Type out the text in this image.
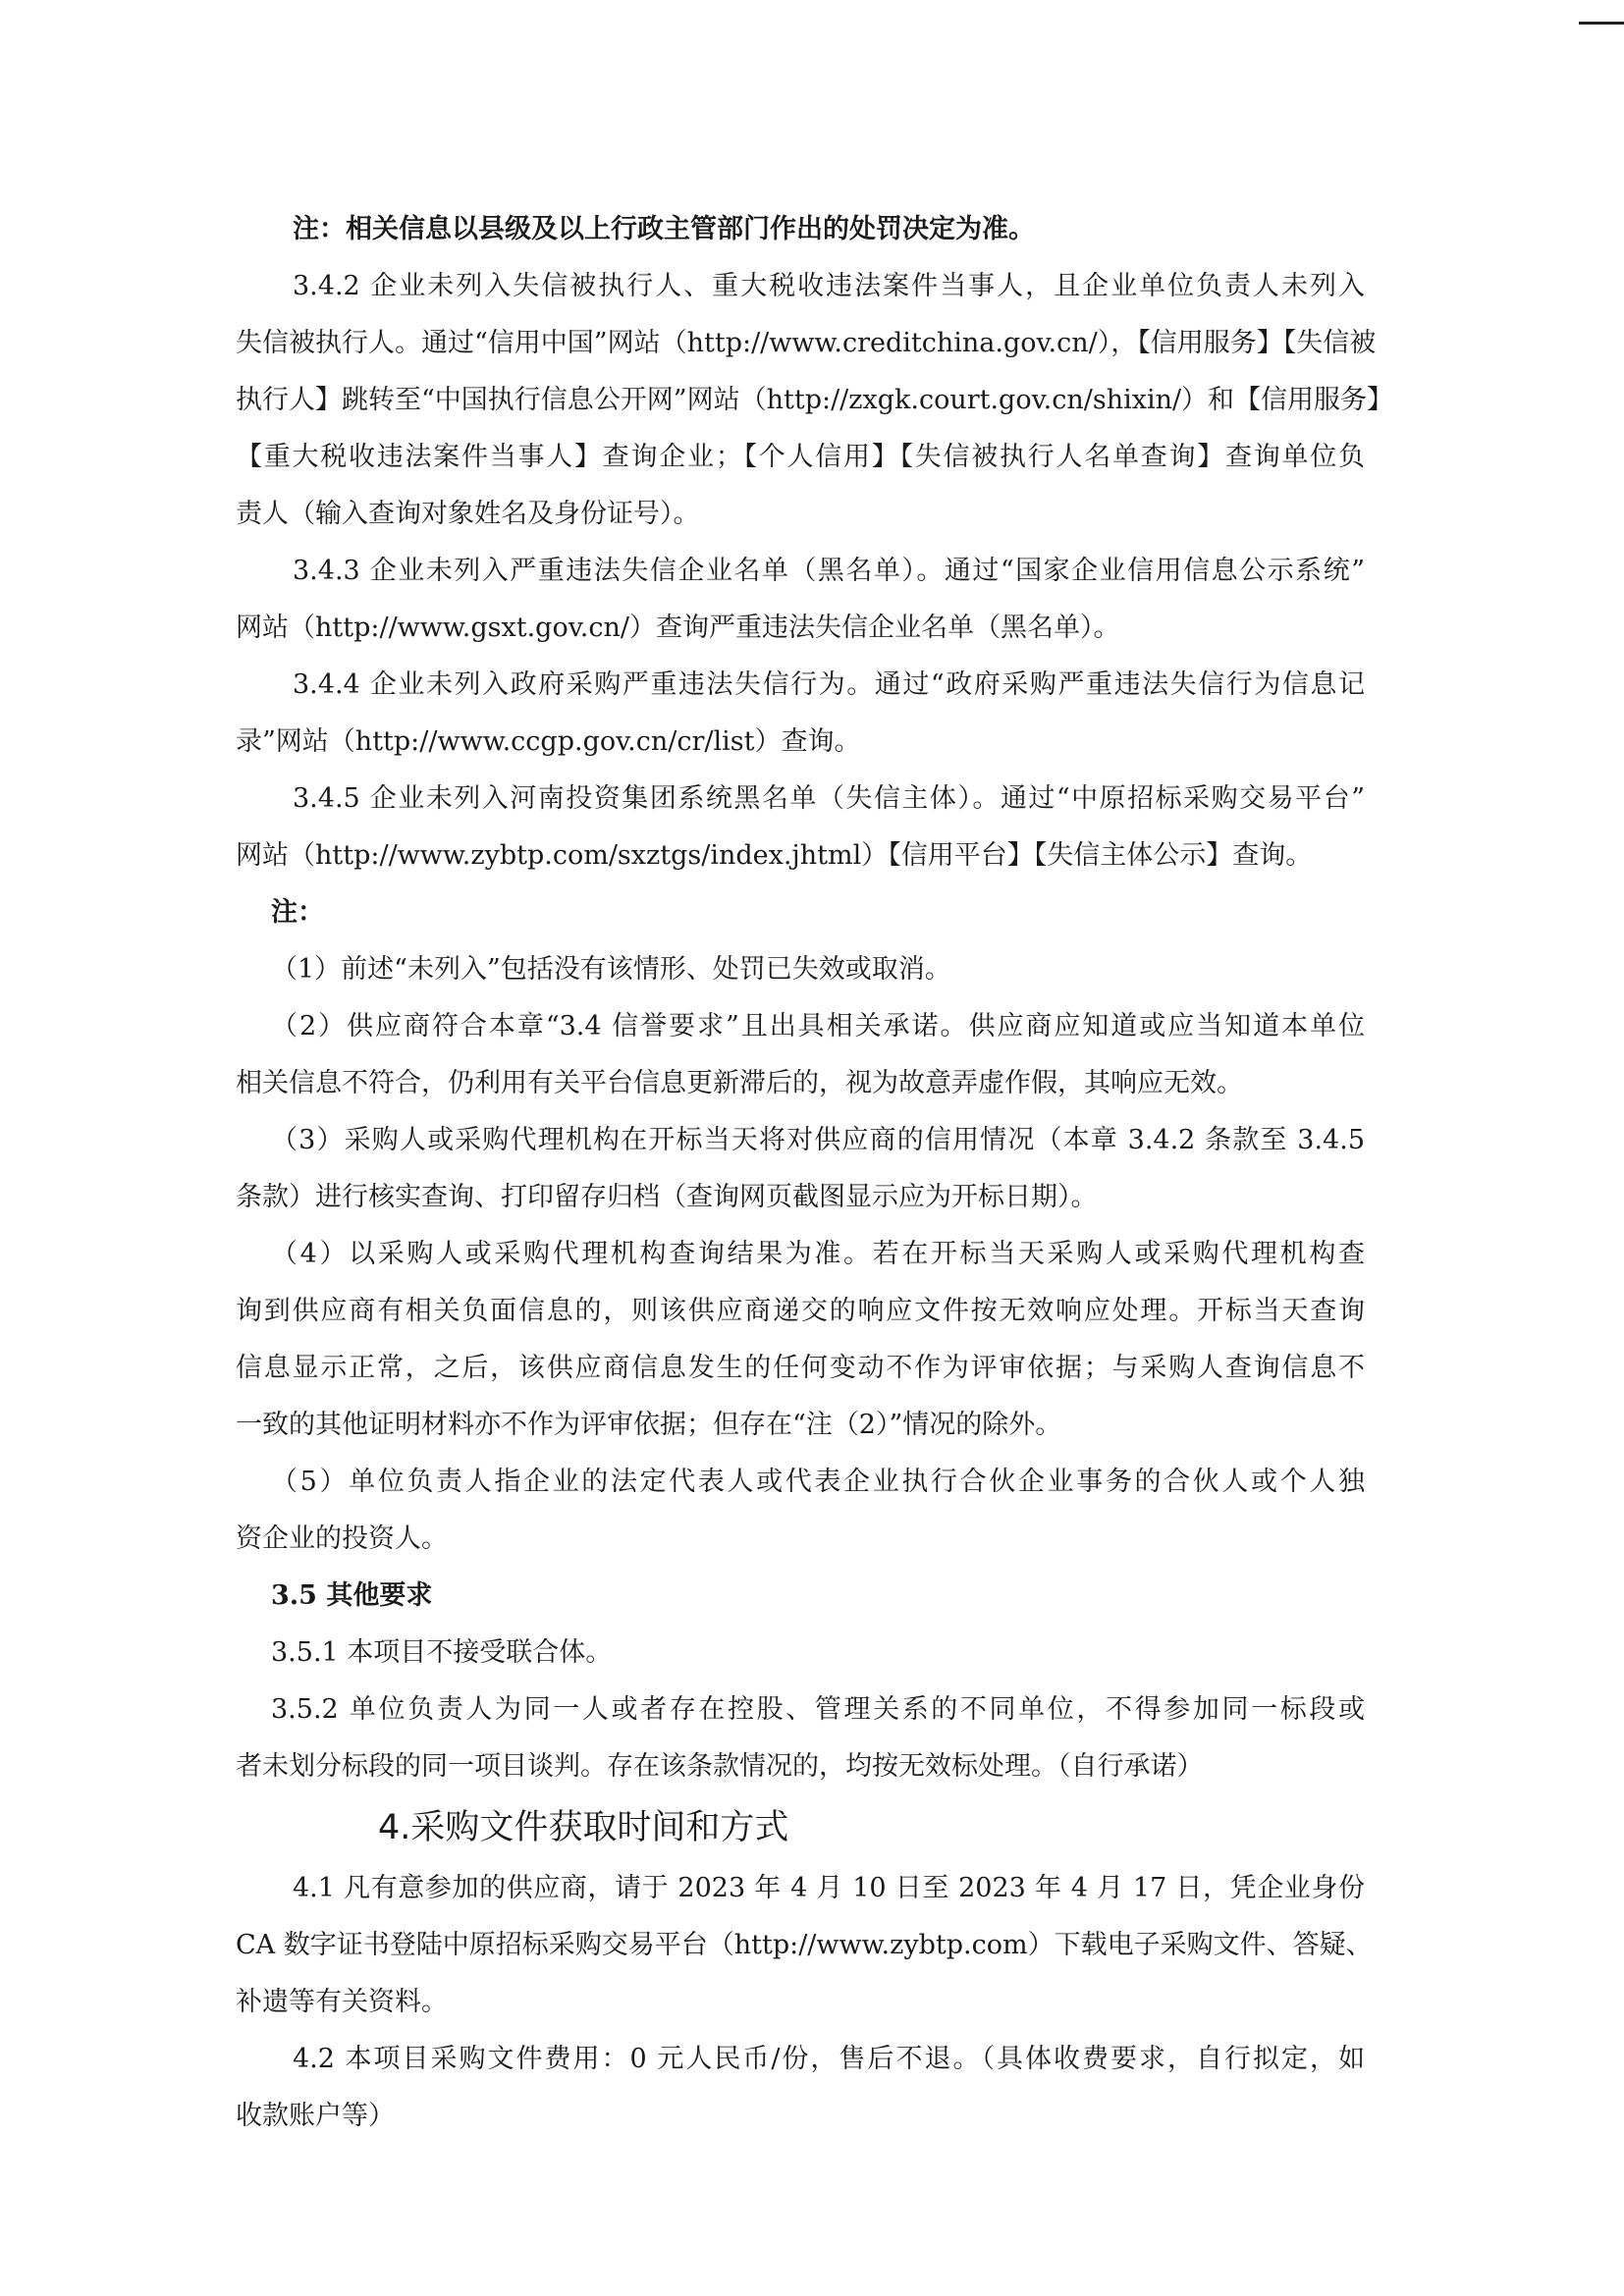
注：相关信息以县级及以上行政主管部门作出的处罚决定为准。
3.4.2 企业未列入失信被执行人、重大税收违法案件当事人，且企业单位负责人未列入
失信被执行人。通过“信用中国”网站（http://www.creditchina.gov.cn/），【信用服务】【失信被
执行人】跳转至“中国执行信息公开网”网站（http://zxgk.court.gov.cn/shixin/）和【信用服务】
【重大税收违法案件当事人】查询企业；【个人信用】【失信被执行人名单查询】查询单位负
责人（输入查询对象姓名及身份证号）。
3.4.3 企业未列入严重违法失信企业名单（黑名单）。通过“国家企业信用信息公示系统”
网站（http://www.gsxt.gov.cn/）查询严重违法失信企业名单（黑名单）。
3.4.4 企业未列入政府采购严重违法失信行为。通过“政府采购严重违法失信行为信息记
录”网站（http://www.ccgp.gov.cn/cr/list）查询。
3.4.5 企业未列入河南投资集团系统黑名单（失信主体）。通过“中原招标采购交易平台”
网站（http://www.zybtp.com/sxztgs/index.jhtml）【信用平台】【失信主体公示】查询。
注：
（1）前述“未列入”包括没有该情形、处罚已失效或取消。
（2）供应商符合本章“3.4 信誉要求”且出具相关承诺。供应商应知道或应当知道本单位
相关信息不符合，仍利用有关平台信息更新滞后的，视为故意弄虚作假，其响应无效。
（3）采购人或采购代理机构在开标当天将对供应商的信用情况（本章 3.4.2 条款至 3.4.5
条款）进行核实查询、打印留存归档（查询网页截图显示应为开标日期）。
（4）以采购人或采购代理机构查询结果为准。若在开标当天采购人或采购代理机构查
询到供应商有相关负面信息的，则该供应商递交的响应文件按无效响应处理。开标当天查询
信息显示正常，之后，该供应商信息发生的任何变动不作为评审依据；与采购人查询信息不
一致的其他证明材料亦不作为评审依据；但存在“注（2）”情况的除外。
（5）单位负责人指企业的法定代表人或代表企业执行合伙企业事务的合伙人或个人独
资企业的投资人。
3.5 其他要求
3.5.1 本项目不接受联合体。
3.5.2 单位负责人为同一人或者存在控股、管理关系的不同单位，不得参加同一标段或
者未划分标段的同一项目谈判。存在该条款情况的，均按无效标处理。（自行承诺）
4.采购文件获取时间和方式
4.1 凡有意参加的供应商，请于 2023 年 4 月 10 日至 2023 年 4 月 17 日，凭企业身份
CA 数字证书登陆中原招标采购交易平台（http://www.zybtp.com）下载电子采购文件、答疑、
补遗等有关资料。
4.2 本项目采购文件费用：0 元人民币/份，售后不退。（具体收费要求，自行拟定，如
收款账户等）
